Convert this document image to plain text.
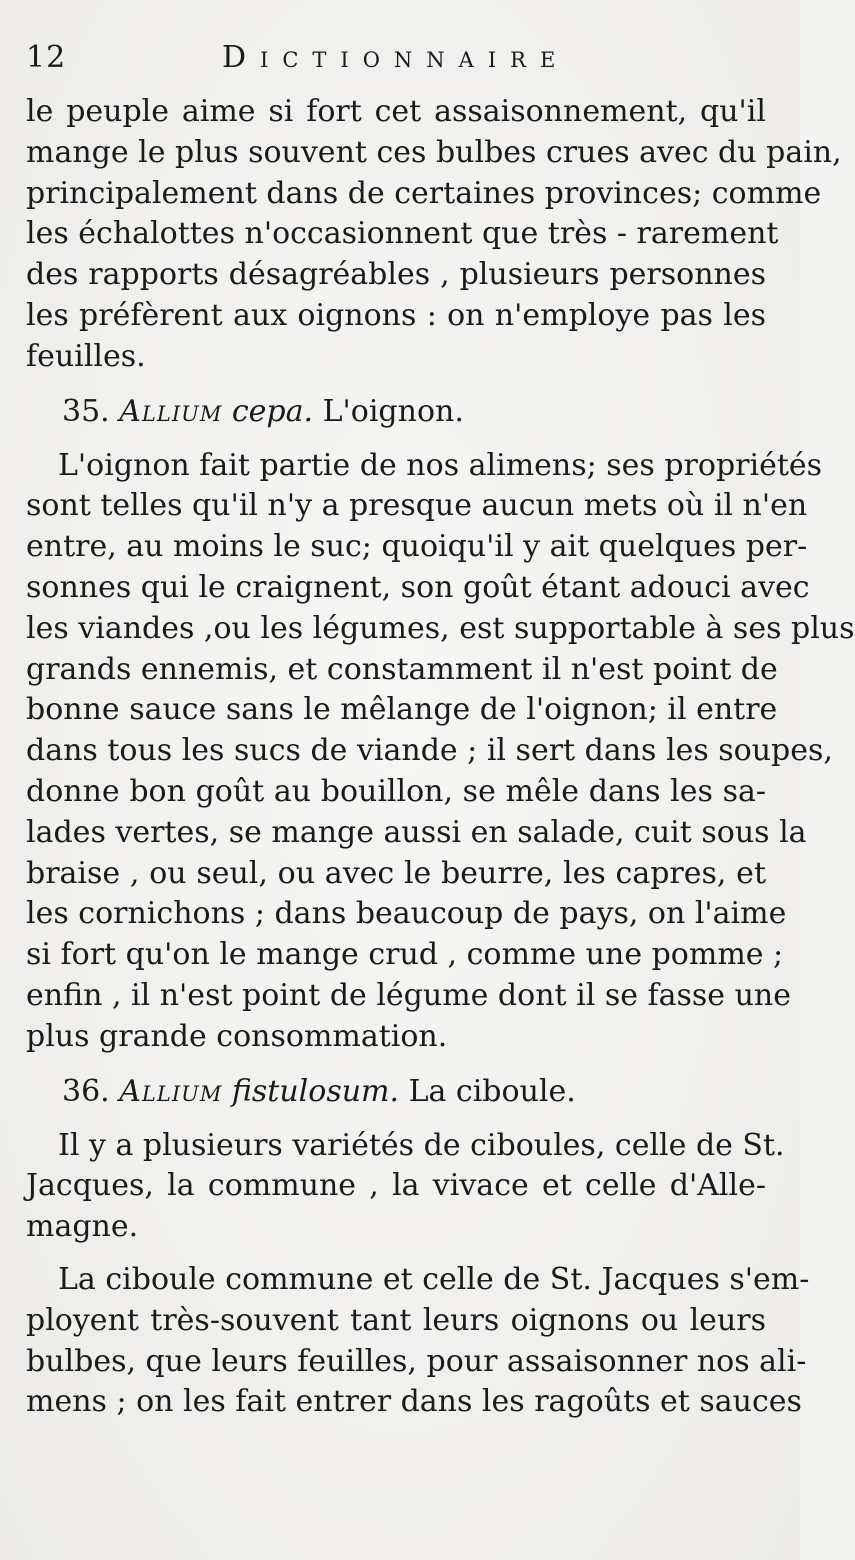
12	Dictionnaire
le peuple aime si fort cet assaisonnement, qu'il
mange le plus souvent ces bulbes crues avec du pain,
principalement dans de certaines provinces; comme
les échalottes n'occasionnent que très - rarement
des rapports désagréables , plusieurs personnes
les préfèrent aux oignons : on n'employe pas les
feuilles.
35. Allium cepa. L'oignon.
L'oignon fait partie de nos alimens; ses propriétés
sont telles qu'il n'y a presque aucun mets où il n'en
entre, au moins le suc; quoiqu'il y ait quelques per-
sonnes qui le craignent, son goût étant adouci avec
les viandes ,ou les légumes, est supportable à ses plus
grands ennemis, et constamment il n'est point de
bonne sauce sans le mêlange de l'oignon; il entre
dans tous les sucs de viande ; il sert dans les soupes,
donne bon goût au bouillon, se mêle dans les sa-
lades vertes, se mange aussi en salade, cuit sous la
braise , ou seul, ou avec le beurre, les capres, et
les cornichons ; dans beaucoup de pays, on l'aime
si fort qu'on le mange crud , comme une pomme ;
enfin , il n'est point de légume dont il se fasse une
plus grande consommation.
36. Allium fistulosum. La ciboule.
Il y a plusieurs variétés de ciboules, celle de St.
Jacques, la commune , la vivace et celle d'Alle-
magne.
La ciboule commune et celle de St. Jacques s'em-
ployent très-souvent tant leurs oignons ou leurs
bulbes, que leurs feuilles, pour assaisonner nos ali-
mens ; on les fait entrer dans les ragoûts et sauces
